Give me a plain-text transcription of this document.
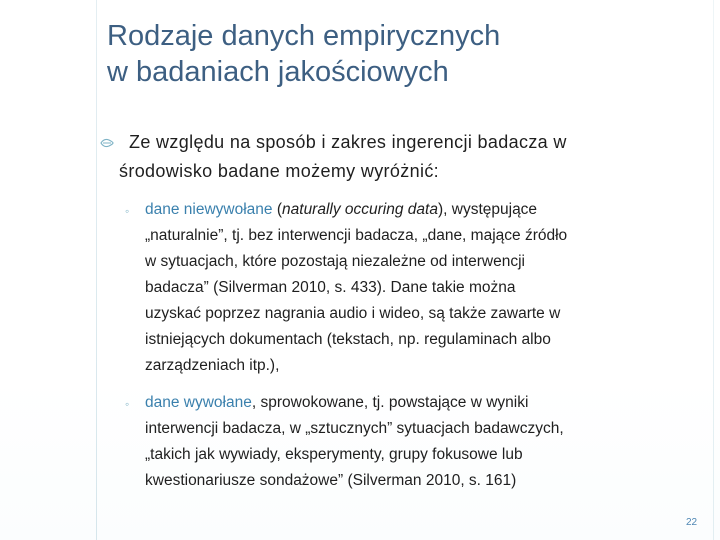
Rodzaje danych empirycznych
w badaniach jakościowych
Ze względu na sposób i zakres ingerencji badacza w
środowisko badane możemy wyróżnić:
◦ dane niewywołane (naturally occuring data), występujące
„naturalnie”, tj. bez interwencji badacza, „dane, mające źródło
w sytuacjach, które pozostają niezależne od interwencji
badacza” (Silverman 2010, s. 433). Dane takie można
uzyskać poprzez nagrania audio i wideo, są także zawarte w
istniejących dokumentach (tekstach, np. regulaminach albo
zarządzeniach itp.),
◦ dane wywołane, sprowokowane, tj. powstające w wyniki
interwencji badacza, w „sztucznych” sytuacjach badawczych,
„takich jak wywiady, eksperymenty, grupy fokusowe lub
kwestionariusze sondażowe” (Silverman 2010, s. 161)
22
